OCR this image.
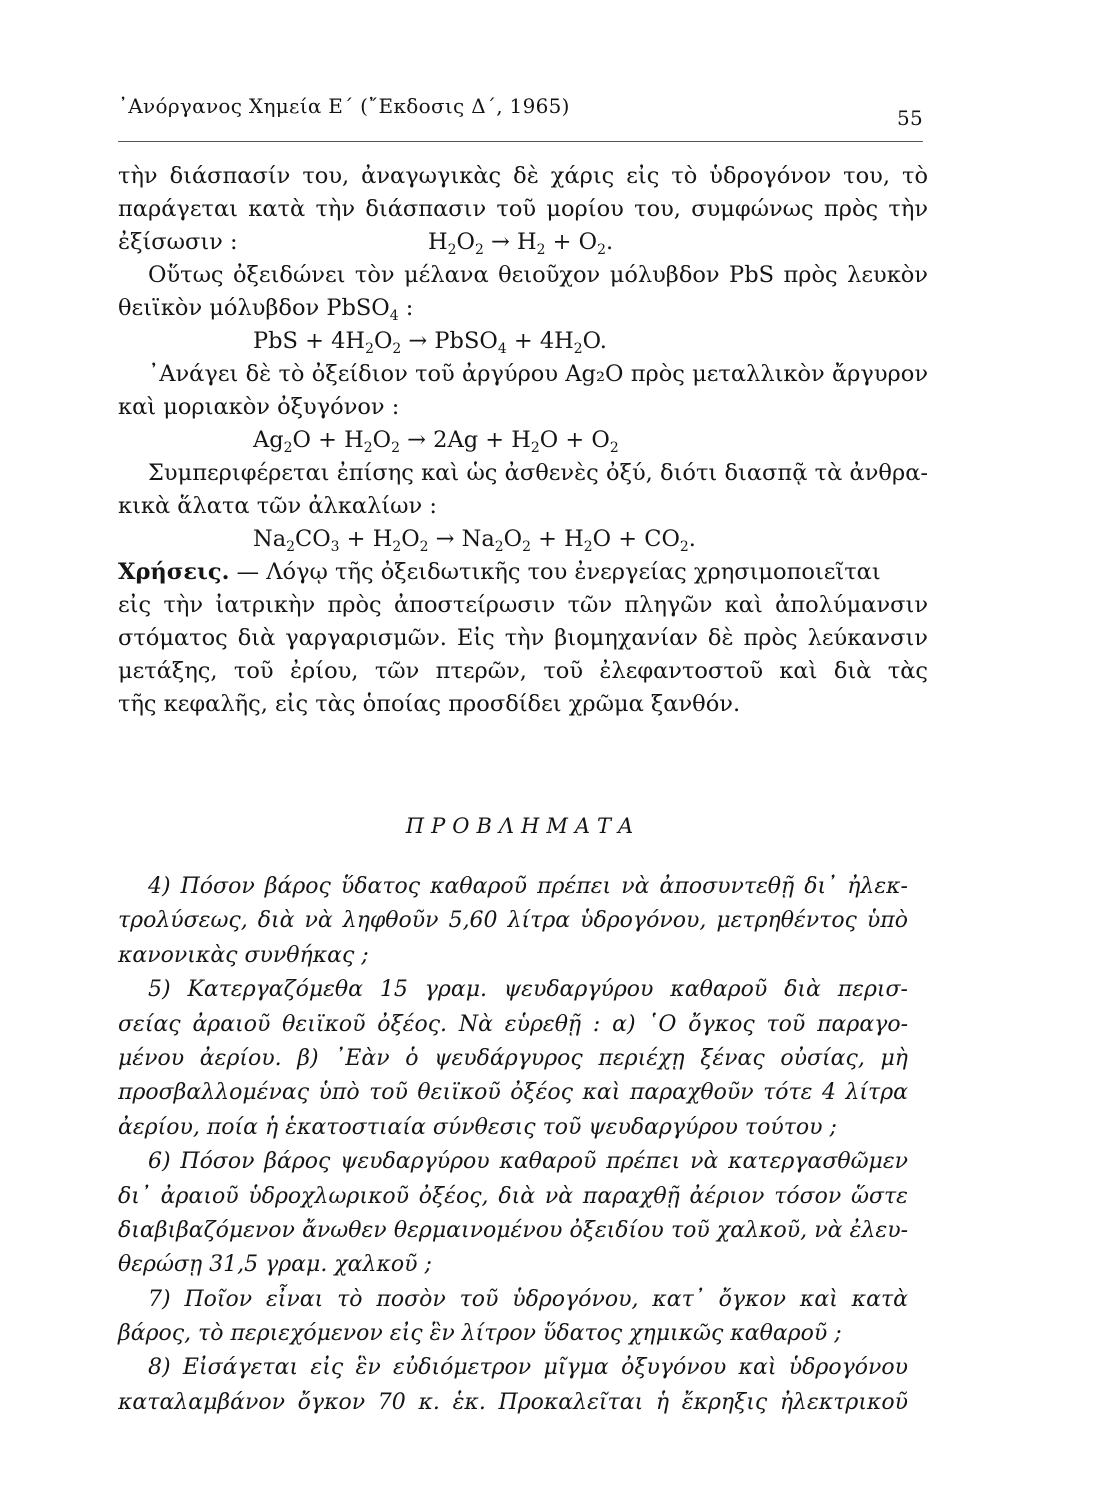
᾿Ανόργανος Χημεία Ε΄ (῎Εκδοσις Δ΄, 1965)	55
τὴν διάσπασίν του, ἀναγωγικὰς δὲ χάρις εἰς τὸ ὑδρογόνον του, τὸ
παράγεται κατὰ τὴν διάσπασιν τοῦ μορίου του, συμφώνως πρὸς τὴν
ἐξίσωσιν :	$H_2O_2 \to H_2 + O_2$.
Οὕτως ὀξειδώνει τὸν μέλανα θειοῦχον μόλυβδον PbS πρὸς λευκὸν
θειϊκὸν μόλυβδον PbSO$_4$ :
PbS + $4H_2O_2$ → PbSO$_4$ + $4H_2O$.
᾿Ανάγει δὲ τὸ ὀξείδιον τοῦ ἀργύρου Ag₂O πρὸς μεταλλικὸν ἄργυρον
καὶ μοριακὸν ὀξυγόνον :
$Ag_2O + H_2O_2 \to 2Ag + H_2O + O_2$
Συμπεριφέρεται ἐπίσης καὶ ὡς ἀσθενὲς ὀξύ, διότι διασπᾷ τὰ ἀνθρα-
κικὰ ἅλατα τῶν ἀλκαλίων :
$Na_2CO_3 + H_2O_2 \to Na_2O_2 + H_2O + CO_2$.
Χρήσεις. — Λόγῳ τῆς ὀξειδωτικῆς του ἐνεργείας χρησιμοποιεῖται
εἰς τὴν ἰατρικὴν πρὸς ἀποστείρωσιν τῶν πληγῶν καὶ ἀπολύμανσιν
στόματος διὰ γαργαρισμῶν. Εἰς τὴν βιομηχανίαν δὲ πρὸς λεύκανσιν
μετάξης, τοῦ ἐρίου, τῶν πτερῶν, τοῦ ἐλεφαντοστοῦ καὶ διὰ τὰς
τῆς κεφαλῆς, εἰς τὰς ὁποίας προσδίδει χρῶμα ξανθόν.
ΠΡΟΒΛΗΜΑΤΑ
4) Πόσον βάρος ὕδατος καθαροῦ πρέπει νὰ ἀποσυντεθῇ δι᾿ ἠλεκ-
τρολύσεως, διὰ νὰ ληφθοῦν 5,60 λίτρα ὑδρογόνου, μετρηθέντος ὑπὸ
κανονικὰς συνθήκας ;
5) Κατεργαζόμεθα 15 γραμ. ψευδαργύρου καθαροῦ διὰ περισ-
σείας ἀραιοῦ θειϊκοῦ ὀξέος. Νὰ εὑρεθῇ : α) ῾Ο ὄγκος τοῦ παραγο-
μένου ἀερίου. β) ᾿Εὰν ὁ ψευδάργυρος περιέχῃ ξένας οὐσίας, μὴ
προσβαλλομένας ὑπὸ τοῦ θειϊκοῦ ὀξέος καὶ παραχθοῦν τότε 4 λίτρα
ἀερίου, ποία ἡ ἑκατοστιαία σύνθεσις τοῦ ψευδαργύρου τούτου ;
6) Πόσον βάρος ψευδαργύρου καθαροῦ πρέπει νὰ κατεργασθῶμεν
δι᾿ ἀραιοῦ ὑδροχλωρικοῦ ὀξέος, διὰ νὰ παραχθῇ ἀέριον τόσον ὥστε
διαβιβαζόμενον ἄνωθεν θερμαινομένου ὀξειδίου τοῦ χαλκοῦ, νὰ ἐλευ-
θερώσῃ 31,5 γραμ. χαλκοῦ ;
7) Ποῖον εἶναι τὸ ποσὸν τοῦ ὑδρογόνου, κατ᾿ ὄγκον καὶ κατὰ
βάρος, τὸ περιεχόμενον εἰς ἓν λίτρον ὕδατος χημικῶς καθαροῦ ;
8) Εἰσάγεται εἰς ἓν εὐδιόμετρον μῖγμα ὀξυγόνου καὶ ὑδρογόνου
καταλαμβάνον ὄγκον 70 κ. ἑκ. Προκαλεῖται ἡ ἔκρηξις ἠλεκτρικοῦ
